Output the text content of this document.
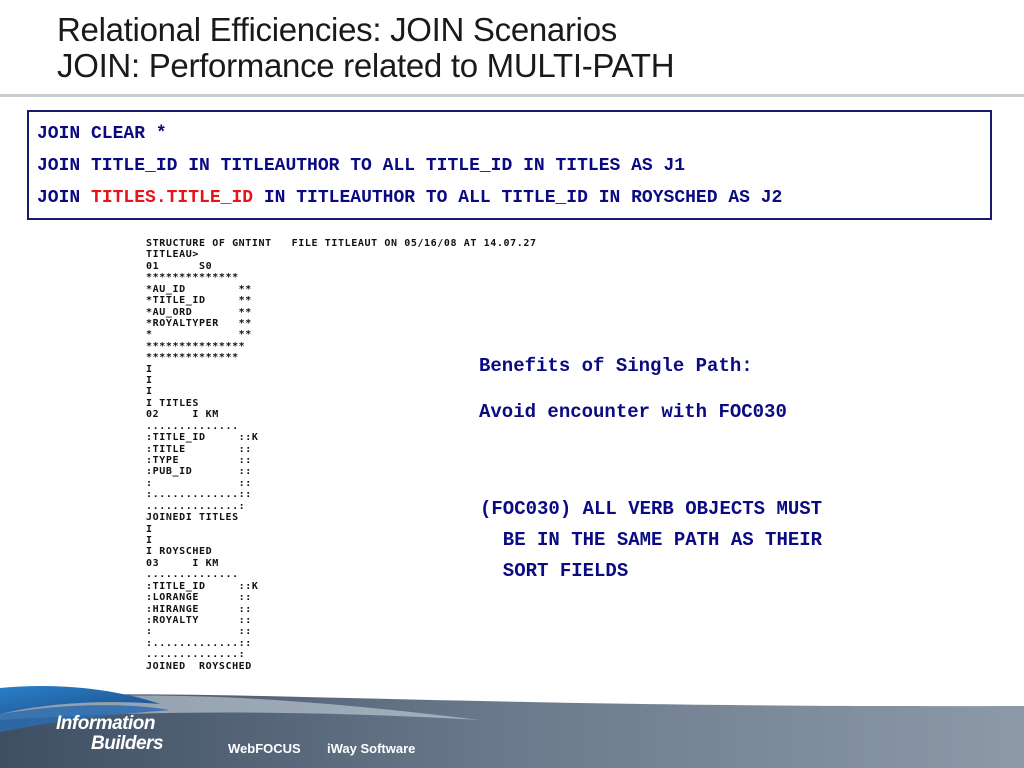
Relational Efficiencies: JOIN Scenarios
JOIN: Performance related to MULTI-PATH
JOIN CLEAR *
JOIN TITLE_ID IN TITLEAUTHOR TO ALL TITLE_ID IN TITLES AS J1
JOIN TITLES.TITLE_ID IN TITLEAUTHOR TO ALL TITLE_ID IN ROYSCHED AS J2
STRUCTURE OF GNTINT   FILE TITLEAUT ON 05/16/08 AT 14.07.27
TITLEAU>
01      S0
**************
*AU_ID        **
*TITLE_ID     **
*AU_ORD       **
*ROYALTYPER   **
*             **
***************
**************
I
I
I
I TITLES
02     I KM
..............
:TITLE_ID     ::K
:TITLE        ::
:TYPE         ::
:PUB_ID       ::
:             ::
:.............::
..............:
JOINEDI TITLES
I
I
I ROYSCHED
03     I KM
..............
:TITLE_ID     ::K
:LORANGE      ::
:HIRANGE      ::
:ROYALTY      ::
:             ::
:.............::
..............:
JOINED  ROYSCHED
Benefits of Single Path:
Avoid encounter with FOC030
(FOC030) ALL VERB OBJECTS MUST
BE IN THE SAME PATH AS THEIR
SORT FIELDS
Information
Builders	WebFOCUS iWay Software
